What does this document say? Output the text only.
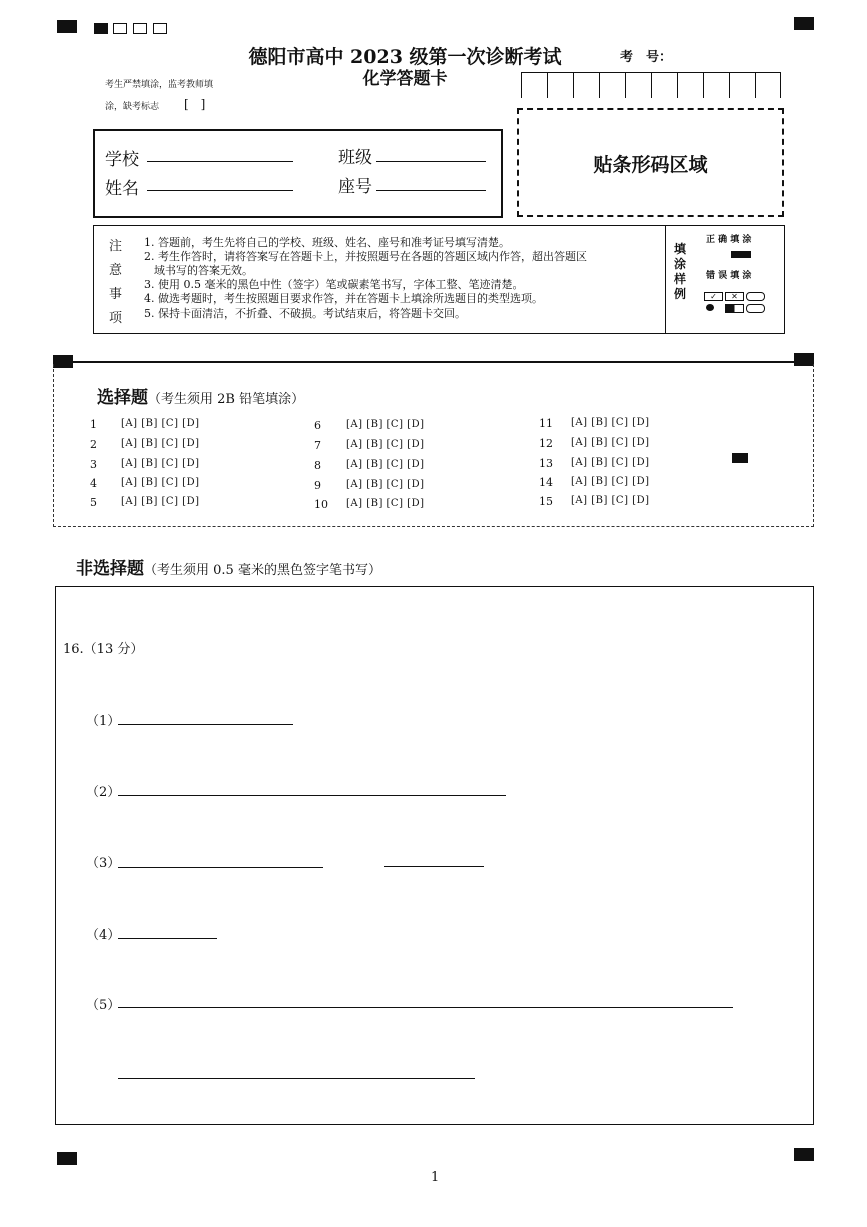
德阳市高中 2023 级第一次诊断考试
化学答题卡
考　号：
考生严禁填涂，监考教师填
涂，缺考标志 [　]
学校	班级
姓名	座号
贴条形码区域
注
意
事
项
1. 答题前，考生先将自己的学校、班级、姓名、座号和准考证号填写清楚。
2. 考生作答时，请将答案写在答题卡上，并按照题号在各题的答题区域内作答，超出答题区
域书写的答案无效。
3. 使用 0.5 毫米的黑色中性（签字）笔或碳素笔书写，字体工整、笔迹清楚。
4. 做选考题时，考生按照题目要求作答，并在答题卡上填涂所选题目的类型选项。
5. 保持卡面清洁，不折叠、不破损。考试结束后，将答题卡交回。
填
涂
样
例
正 确 填 涂
错 误 填 涂
✓	✕
选择题（考生须用 2B 铅笔填涂）
1 [A] [B] [C] [D]
2 [A] [B] [C] [D]
3 [A] [B] [C] [D]
4 [A] [B] [C] [D]
5 [A] [B] [C] [D]
6	[A] [B] [C] [D]
7	[A] [B] [C] [D]
8	[A] [B] [C] [D]
9	[A] [B] [C] [D]
10 [A] [B] [C] [D]
11 [A] [B] [C] [D]
12 [A] [B] [C] [D]
13 [A] [B] [C] [D]
14 [A] [B] [C] [D]
15 [A] [B] [C] [D]
非选择题（考生须用 0.5 毫米的黑色签字笔书写）
16.（13 分）
（1）
（2）
（3）
（4）
（5）
1
